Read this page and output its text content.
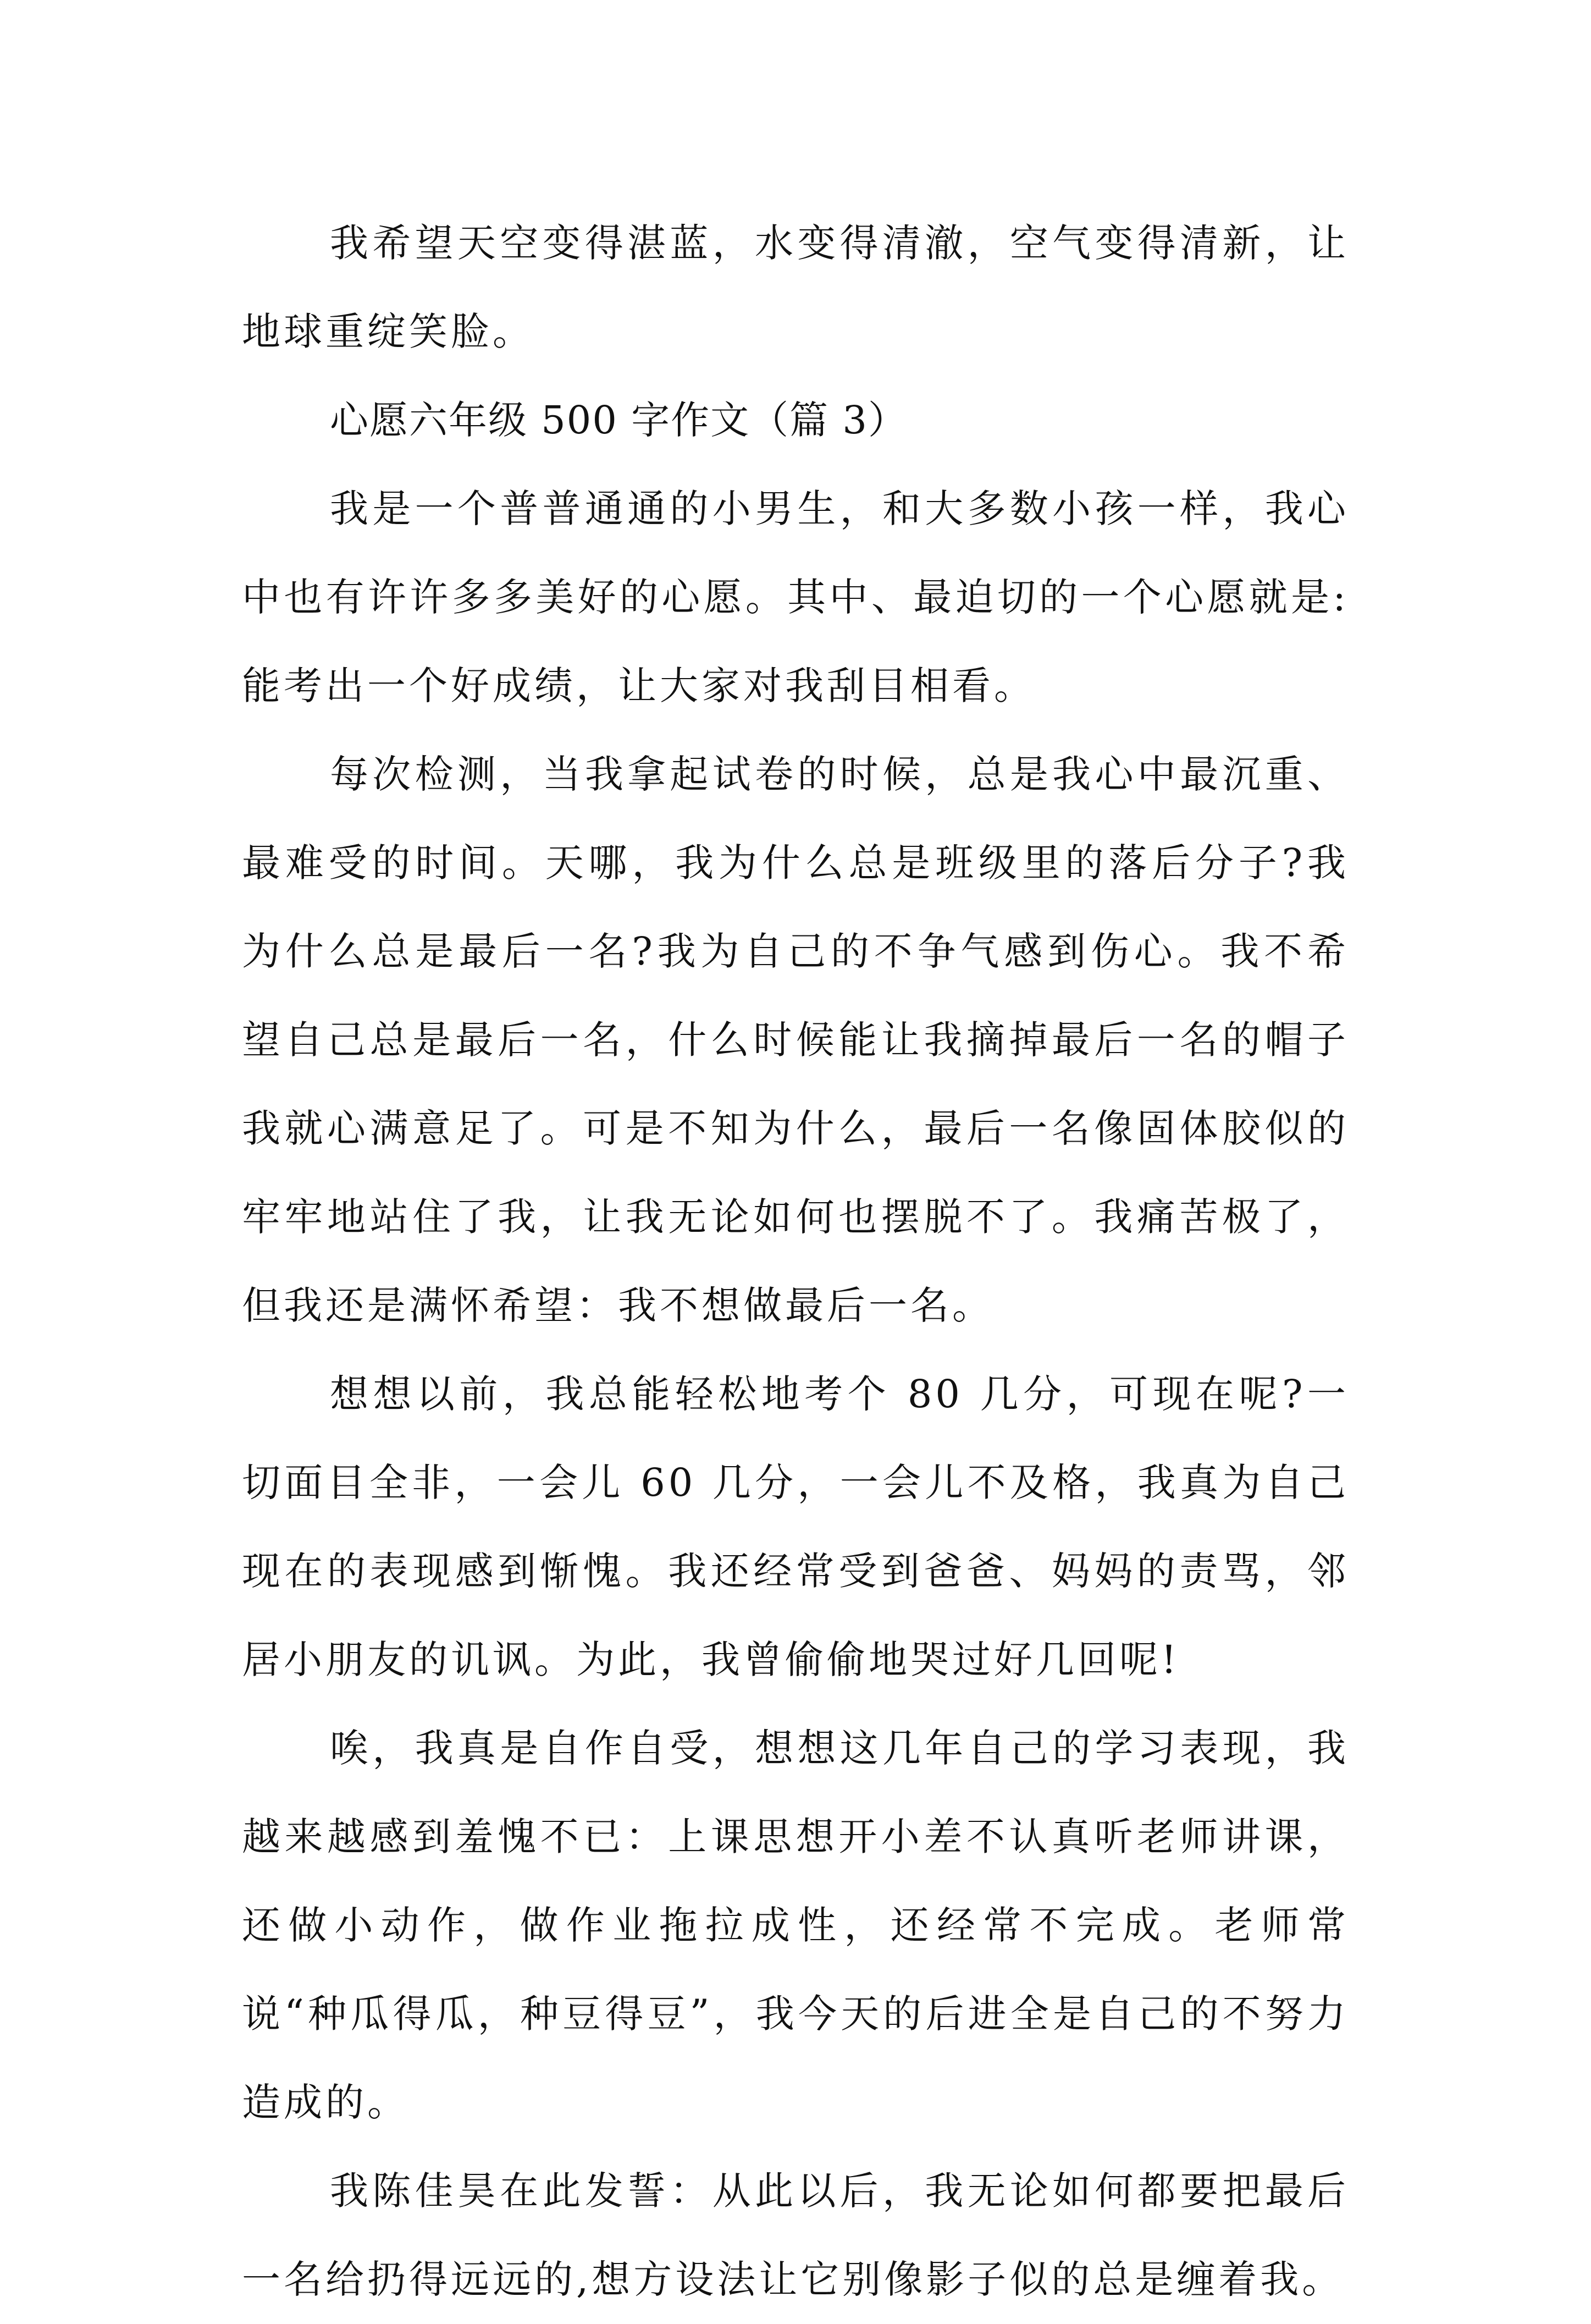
我希望天空变得湛蓝，水变得清澈，空气变得清新，让地球重绽笑脸。

心愿六年级 500 字作文（篇 3）

我是一个普普通通的小男生，和大多数小孩一样，我心中也有许许多多美好的心愿。其中、最迫切的一个心愿就是:能考出一个好成绩，让大家对我刮目相看。

每次检测，当我拿起试卷的时候，总是我心中最沉重、最难受的时间。天哪，我为什么总是班级里的落后分子?我为什么总是最后一名?我为自己的不争气感到伤心。我不希望自己总是最后一名，什么时候能让我摘掉最后一名的帽子我就心满意足了。可是不知为什么，最后一名像固体胶似的牢牢地站住了我，让我无论如何也摆脱不了。我痛苦极了，但我还是满怀希望：我不想做最后一名。

想想以前，我总能轻松地考个 80 几分，可现在呢?一切面目全非，一会儿 60 几分，一会儿不及格，我真为自己现在的表现感到惭愧。我还经常受到爸爸、妈妈的责骂，邻居小朋友的讥讽。为此，我曾偷偷地哭过好几回呢!

唉，我真是自作自受，想想这几年自己的学习表现，我越来越感到羞愧不已：上课思想开小差不认真听老师讲课，还做小动作，做作业拖拉成性，还经常不完成。老师常说“种瓜得瓜，种豆得豆”，我今天的后进全是自己的不努力造成的。

我陈佳昊在此发誓：从此以后，我无论如何都要把最后一名给扔得远远的,想方设法让它别像影子似的总是缠着我。
